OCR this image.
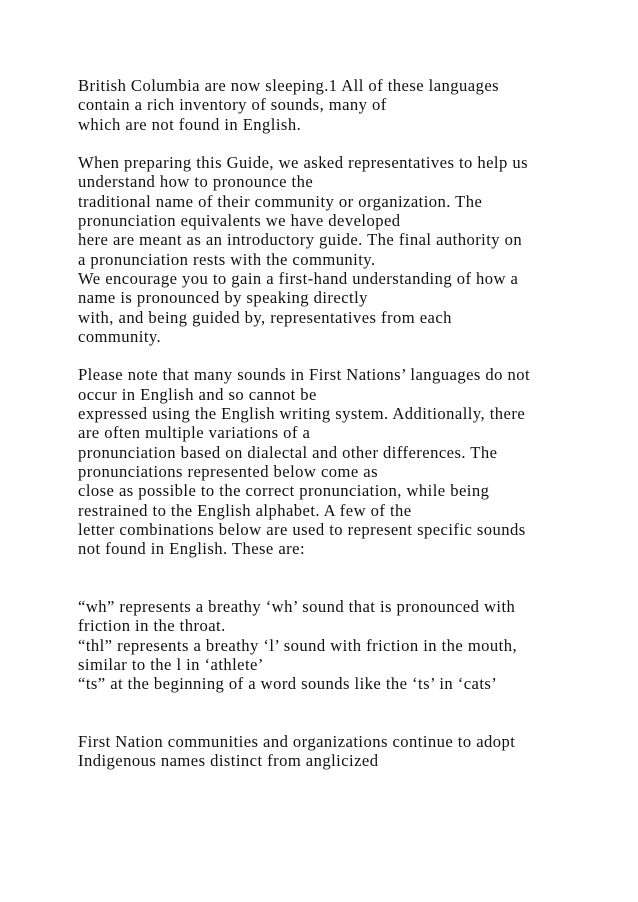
British Columbia are now sleeping.1 All of these languages
contain a rich inventory of sounds, many of
which are not found in English.
When preparing this Guide, we asked representatives to help us
understand how to pronounce the
traditional name of their community or organization. The
pronunciation equivalents we have developed
here are meant as an introductory guide. The final authority on
a pronunciation rests with the community.
We encourage you to gain a first-hand understanding of how a
name is pronounced by speaking directly
with, and being guided by, representatives from each
community.
Please note that many sounds in First Nations’ languages do not
occur in English and so cannot be
expressed using the English writing system. Additionally, there
are often multiple variations of a
pronunciation based on dialectal and other differences. The
pronunciations represented below come as
close as possible to the correct pronunciation, while being
restrained to the English alphabet. A few of the
letter combinations below are used to represent specific sounds
not found in English. These are:
“wh” represents a breathy ‘wh’ sound that is pronounced with
friction in the throat.
“thl” represents a breathy ‘l’ sound with friction in the mouth,
similar to the l in ‘athlete’
“ts” at the beginning of a word sounds like the ‘ts’ in ‘cats’
First Nation communities and organizations continue to adopt
Indigenous names distinct from anglicized
